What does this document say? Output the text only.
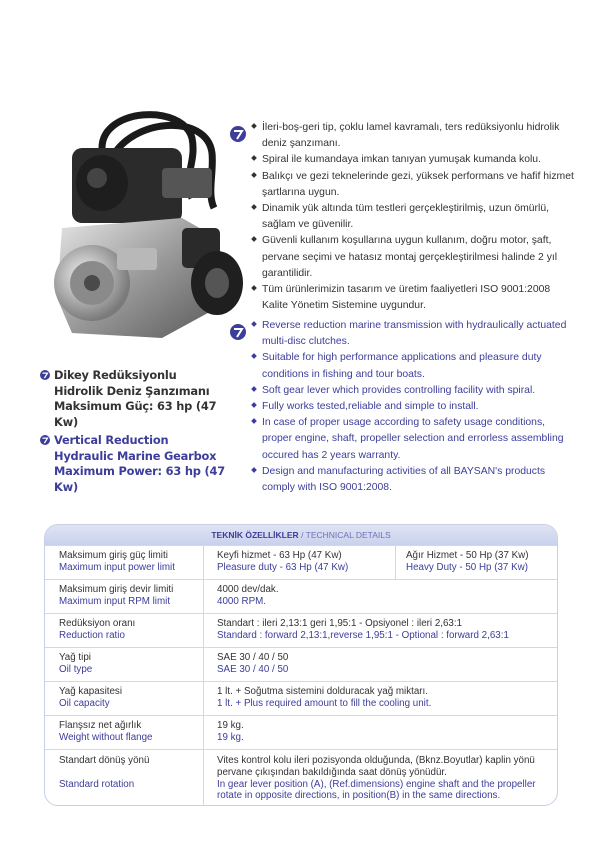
İleri-boş-geri tip, çoklu lamel kavramalı, ters redüksiyonlu hidrolik deniz şanzımanı.
Spiral ile kumandaya imkan tanıyan yumuşak kumanda kolu.
Balıkçı ve gezi teknelerinde gezi, yüksek performans ve hafif hizmet şartlarına uygun.
Dinamik yük altında tüm testleri gerçekleştirilmiş, uzun ömürlü, sağlam ve güvenilir.
Güvenli kullanım koşullarına uygun kullanım, doğru motor, şaft, pervane seçimi ve hatasız montaj gerçekleştirilmesi halinde 2 yıl garantilidir.
Tüm ürünlerimizin tasarım ve üretim faaliyetleri ISO 9001:2008 Kalite Yönetim Sistemine uygundur.
Reverse reduction marine transmission with hydraulically actuated multi-disc clutches.
Suitable for high performance applications and pleasure duty conditions in fishing and tour boats.
Soft gear lever which provides controlling facility with spiral.
Fully works tested,reliable and simple to install.
In case of proper usage according to safety usage conditions, proper engine, shaft, propeller selection and errorless assembling occured has 2 years warranty.
Design and manufacturing activities of all BAYSAN's products comply with ISO 9001:2008.
Dikey Redüksiyonlu
Hidrolik Deniz Şanzımanı
Maksimum Güç: 63 hp (47 Kw)
Vertical Reduction
Hydraulic Marine Gearbox
Maximum Power: 63 hp (47 Kw)
TEKNİK ÖZELLİKLER / TECHNICAL DETAILS
Maksimum giriş güç limiti
Maximum input power limit
Keyfi hizmet - 63 Hp (47 Kw)
Pleasure duty - 63 Hp (47 Kw)
Ağır Hizmet - 50 Hp (37 Kw)
Heavy Duty - 50 Hp (37 Kw)
Maksimum giriş devir limiti
Maximum input RPM limit
4000 dev/dak.
4000 RPM.
Redüksiyon oranı
Reduction ratio
Standart : ileri 2,13:1 geri 1,95:1 - Opsiyonel : ileri 2,63:1
Standard : forward 2,13:1,reverse 1,95:1 - Optional : forward 2,63:1
Yağ tipi
Oil type
SAE 30 / 40 / 50
SAE 30 / 40 / 50
Yağ kapasitesi
Oil capacity
1 lt. + Soğutma sistemini dolduracak yağ miktarı.
1 lt. + Plus required amount to fill the cooling unit.
Flanşsız net ağırlık
Weight without flange
19 kg.
19 kg.
Standart dönüş yönü
Standard rotation
Vites kontrol kolu ileri pozisyonda olduğunda, (Bknz.Boyutlar) kaplin yönü pervane çıkışından bakıldığında saat dönüş yönüdür.
In gear lever position (A), (Ref.dimensions) engine shaft and the propeller rotate in opposite directions, in position(B) in the same directions.
